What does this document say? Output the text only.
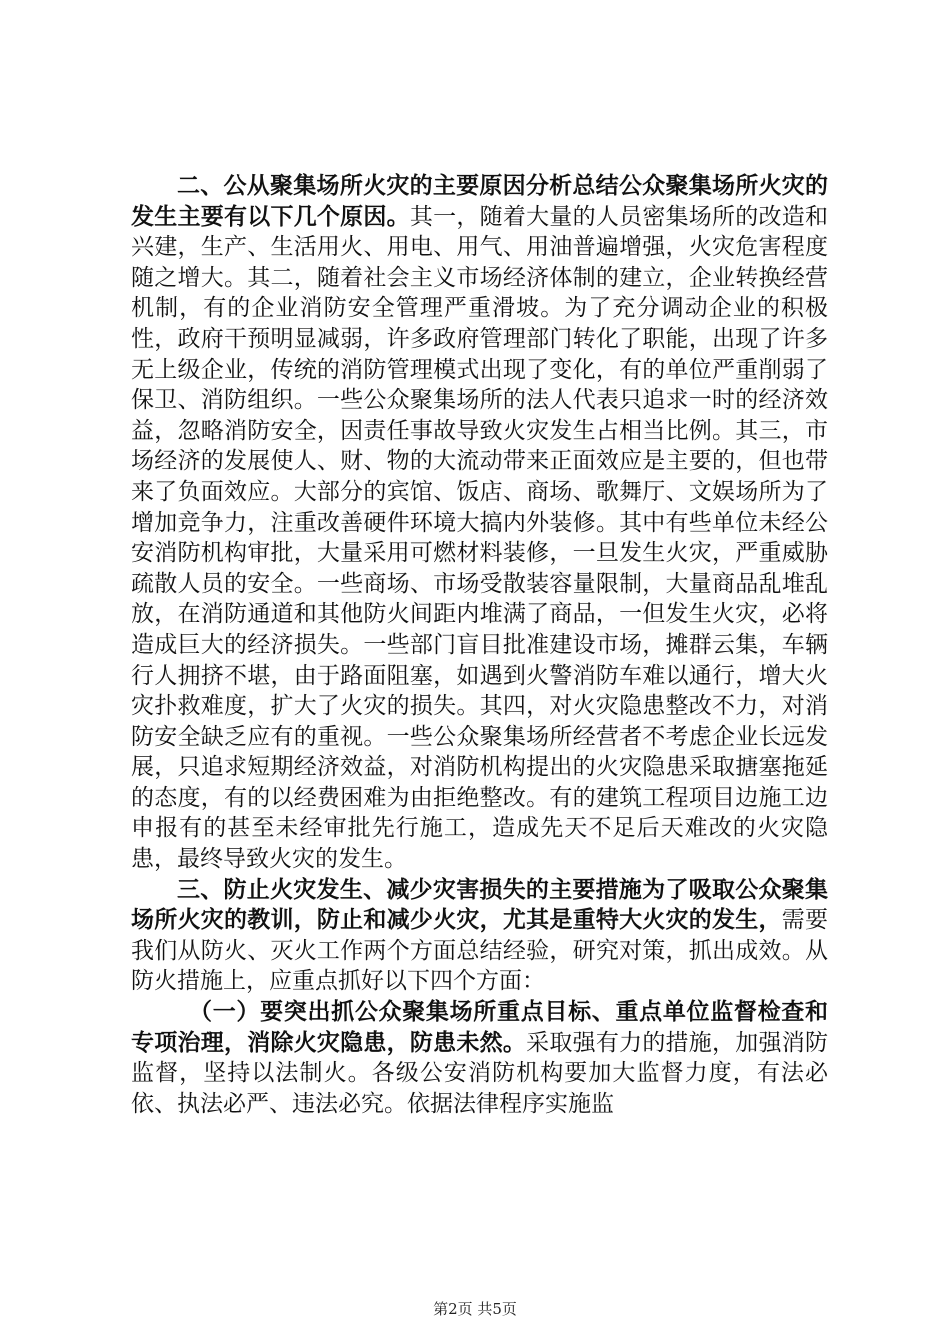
二、公从聚集场所火灾的主要原因分析总结公众聚集场所火灾的发生主要有以下几个原因。其一，随着大量的人员密集场所的改造和兴建，生产、生活用火、用电、用气、用油普遍增强，火灾危害程度随之增大。其二，随着社会主义市场经济体制的建立，企业转换经营机制，有的企业消防安全管理严重滑坡。为了充分调动企业的积极性，政府干预明显减弱，许多政府管理部门转化了职能，出现了许多无上级企业，传统的消防管理模式出现了变化，有的单位严重削弱了保卫、消防组织。一些公众聚集场所的法人代表只追求一时的经济效益，忽略消防安全，因责任事故导致火灾发生占相当比例。其三，市场经济的发展使人、财、物的大流动带来正面效应是主要的，但也带来了负面效应。大部分的宾馆、饭店、商场、歌舞厅、文娱场所为了增加竞争力，注重改善硬件环境大搞内外装修。其中有些单位未经公安消防机构审批，大量采用可燃材料装修，一旦发生火灾，严重威胁疏散人员的安全。一些商场、市场受散装容量限制，大量商品乱堆乱放，在消防通道和其他防火间距内堆满了商品，一但发生火灾，必将造成巨大的经济损失。一些部门盲目批准建设市场，摊群云集，车辆行人拥挤不堪，由于路面阻塞，如遇到火警消防车难以通行，增大火灾扑救难度，扩大了火灾的损失。其四，对火灾隐患整改不力，对消防安全缺乏应有的重视。一些公众聚集场所经营者不考虑企业长远发展，只追求短期经济效益，对消防机构提出的火灾隐患采取搪塞拖延的态度，有的以经费困难为由拒绝整改。有的建筑工程项目边施工边申报有的甚至未经审批先行施工，造成先天不足后天难改的火灾隐患，最终导致火灾的发生。

三、防止火灾发生、减少灾害损失的主要措施为了吸取公众聚集场所火灾的教训，防止和减少火灾，尤其是重特大火灾的发生，需要我们从防火、灭火工作两个方面总结经验，研究对策，抓出成效。从防火措施上，应重点抓好以下四个方面：

（一）要突出抓公众聚集场所重点目标、重点单位监督检查和专项治理，消除火灾隐患，防患未然。采取强有力的措施，加强消防监督，坚持以法制火。各级公安消防机构要加大监督力度，有法必依、执法必严、违法必究。依据法律程序实施监

第2页 共5页
